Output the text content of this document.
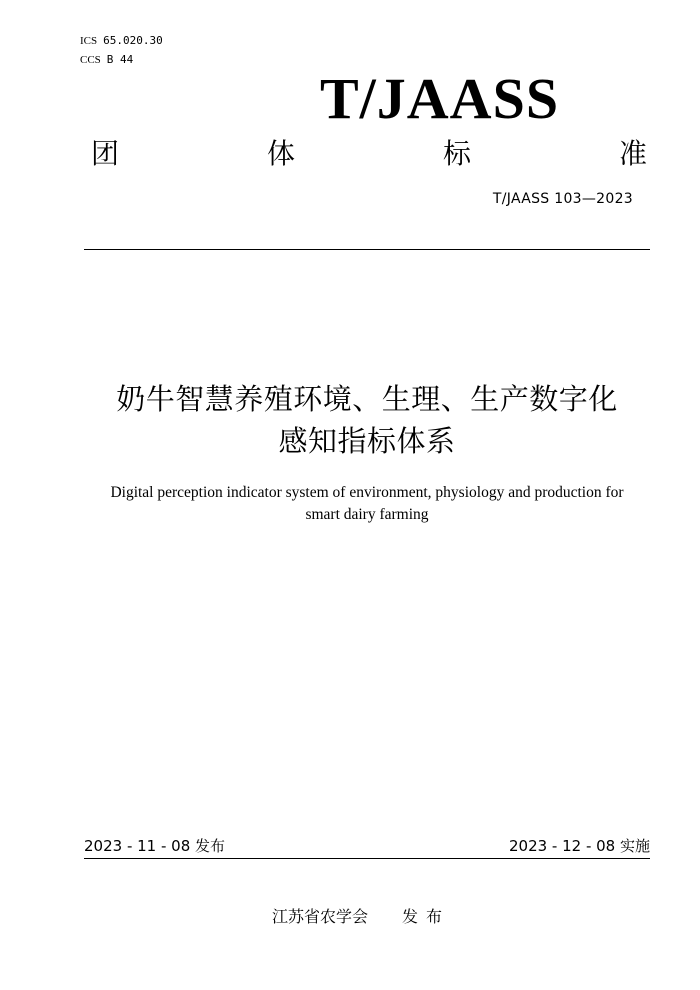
ICS 65.020.30
CCS B 44
T/JAASS
团	体	标	准
T/JAASS 103—2023
奶牛智慧养殖环境、生理、生产数字化
感知指标体系
Digital perception indicator system of environment, physiology and production for
smart dairy farming
2023 - 11 - 08 发布	2023 - 12 - 08 实施
江苏省农学会 发布
